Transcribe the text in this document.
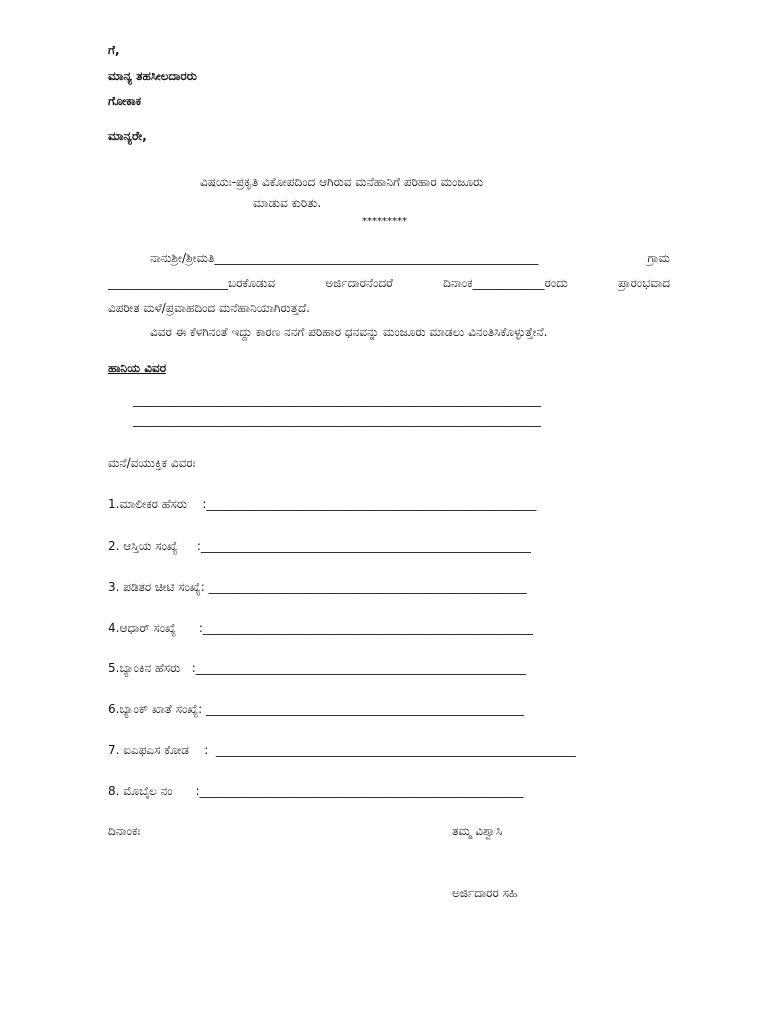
ಗೆ,
ಮಾನ್ಯ ತಹಸೀಲದಾರರು
ಗೋಕಾಕ
ಮಾನ್ಯರೇ,
ವಿಷಯಃ-ಪ್ರಕೃತಿ ವಿಕೋಪದಿಂದ ಆಗಿರುವ ಮನೆಹಾನಿಗೆ ಪರಿಹಾರ ಮಂಜೂರು
ಮಾಡುವ ಕುರಿತು.
*********
ನಾನುಶ್ರೀ/ಶ್ರೀಮತಿ______________________________________________________	ಗ್ರಾಮ
____________________ಬರಕೊಡುವ	ಅರ್ಜಿದಾರನೆಂದರೆ	ದಿನಾಂಕ____________ರಂದು	ಪ್ರಾರಂಭವಾದ
ವಿಪರೀತ ಮಳೆ/ಪ್ರವಾಹದಿಂದ ಮನೆಹಾನಿಯಾಗಿರುತ್ತದೆ.
ವಿವರ ಈ ಕೆಳಗಿನಂತೆ ಇದ್ದು ಕಾರಣ ನನಗೆ ಪರಿಹಾರ ಧನವನ್ನು ಮಂಜೂರು ಮಾಡಲು ವಿನಂತಿಸಿಕೊಳ್ಳುತ್ತೇನೆ.
ಹಾನಿಯ ವಿವರ
____________________________________________________________________
____________________________________________________________________
ಮನೆ/ವಯುಕ್ತಿಕ ವಿವರಃ
1.ಮಾಲೀಕರ ಹೆಸರು    :_______________________________________________________
2. ಆಸ್ತಿಯ ಸಂಖ್ಯೆ     :_______________________________________________________
3. ಪಡಿತರ ಚೀಟಿ ಸಂಖ್ಯೆ: _____________________________________________________
4.ಆಧಾರ್ ಸಂಖ್ಯೆ      :_______________________________________________________
5.ಬ್ಯಾಂಕಿನ ಹೆಸರು   :_______________________________________________________
6.ಬ್ಯಾಂಕ್ ಖಾತೆ ಸಂಖ್ಯೆ: _____________________________________________________
7. ಐಎಫಎಸ ಕೋಡ    :  ____________________________________________________________
8. ಮೊಬೈಲ ನಂ      :______________________________________________________
ದಿನಾಂಕಃ	ತಮ್ಮ ವಿಶ್ವಾಸಿ
ಅರ್ಜಿದಾರರ ಸಹಿ
